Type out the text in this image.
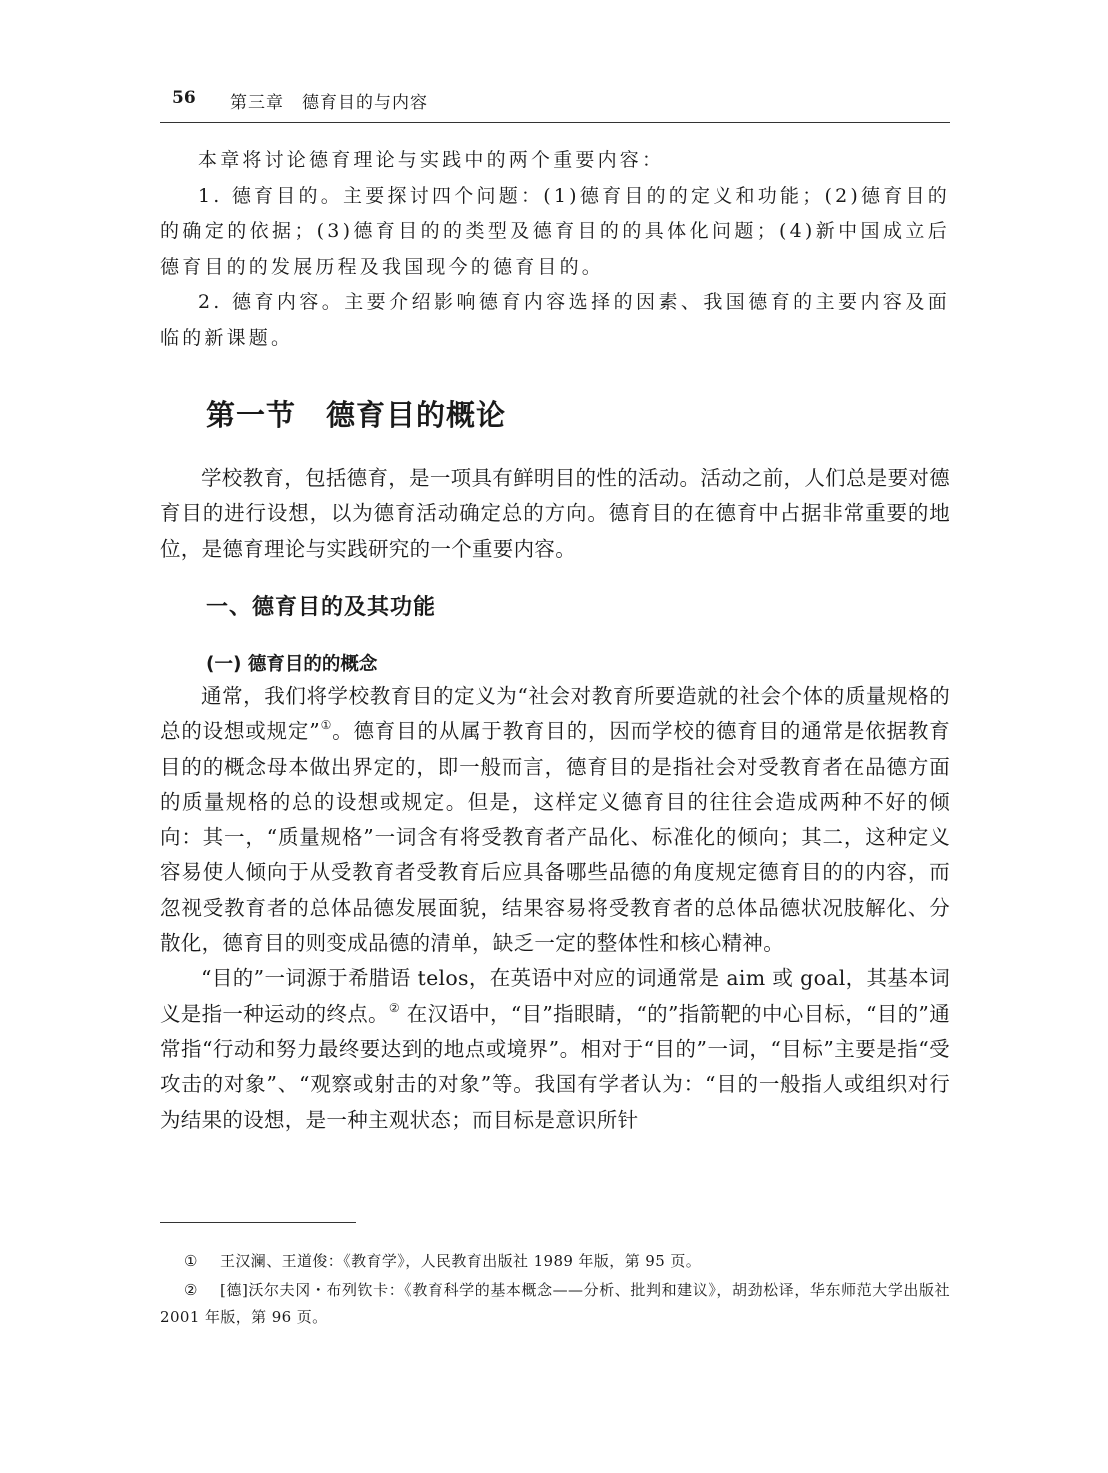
56 第三章　德育目的与内容

本章将讨论德育理论与实践中的两个重要内容：

1. 德育目的。主要探讨四个问题：(1)德育目的的定义和功能；(2)德育目的的确定的依据；(3)德育目的的类型及德育目的的具体化问题；(4)新中国成立后德育目的的发展历程及我国现今的德育目的。

2. 德育内容。主要介绍影响德育内容选择的因素、我国德育的主要内容及面临的新课题。

第一节 德育目的概论

学校教育，包括德育，是一项具有鲜明目的性的活动。活动之前，人们总是要对德育目的进行设想，以为德育活动确定总的方向。德育目的在德育中占据非常重要的地位，是德育理论与实践研究的一个重要内容。

一、德育目的及其功能
(一) 德育目的的概念

通常，我们将学校教育目的定义为“社会对教育所要造就的社会个体的质量规格的总的设想或规定”①。德育目的从属于教育目的，因而学校的德育目的通常是依据教育目的的概念母本做出界定的，即一般而言，德育目的是指社会对受教育者在品德方面的质量规格的总的设想或规定。但是，这样定义德育目的往往会造成两种不好的倾向：其一，“质量规格”一词含有将受教育者产品化、标准化的倾向；其二，这种定义容易使人倾向于从受教育者受教育后应具备哪些品德的角度规定德育目的的内容，而忽视受教育者的总体品德发展面貌，结果容易将受教育者的总体品德状况肢解化、分散化，德育目的则变成品德的清单，缺乏一定的整体性和核心精神。

“目的”一词源于希腊语 telos，在英语中对应的词通常是 aim 或 goal，其基本词义是指一种运动的终点。② 在汉语中，“目”指眼睛，“的”指箭靶的中心目标，“目的”通常指“行动和努力最终要达到的地点或境界”。相对于“目的”一词，“目标”主要是指“受攻击的对象”、“观察或射击的对象”等。我国有学者认为：“目的一般指人或组织对行为结果的设想，是一种主观状态；而目标是意识所针

① 王汉澜、王道俊：《教育学》，人民教育出版社 1989 年版，第 95 页。
② [德]沃尔夫冈・布列钦卡：《教育科学的基本概念——分析、批判和建议》，胡劲松译，华东师范大学出版社 2001 年版，第 96 页。
